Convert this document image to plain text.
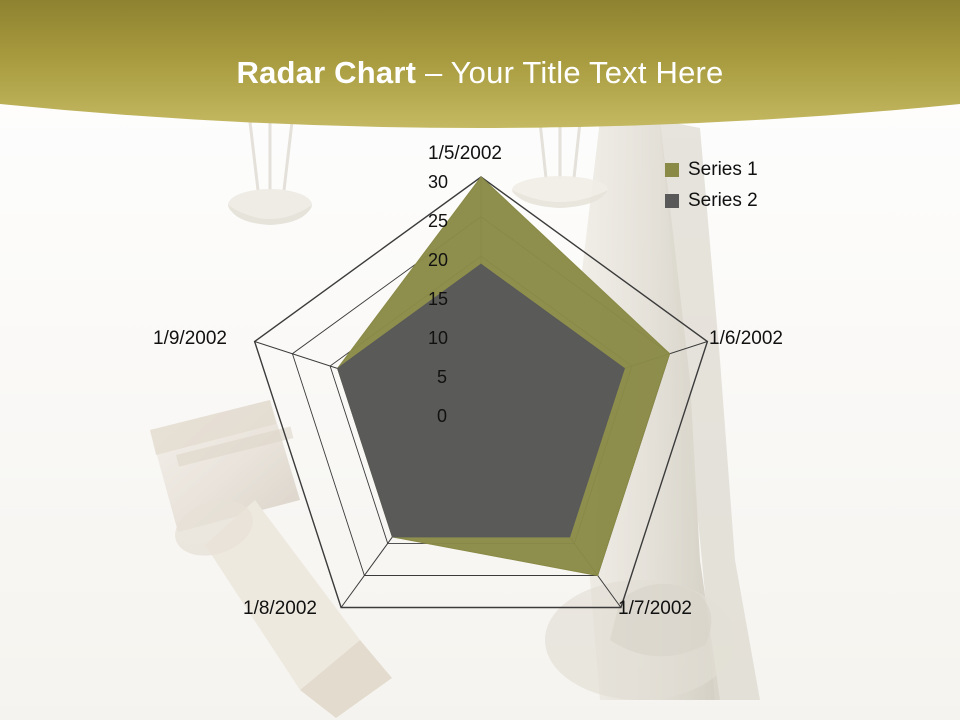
Radar Chart – Your Title Text Here
Series 1
Series 2
1/5/2002
1/6/2002
1/7/2002
1/8/2002
1/9/2002
30
25
20
15
10
5
0
